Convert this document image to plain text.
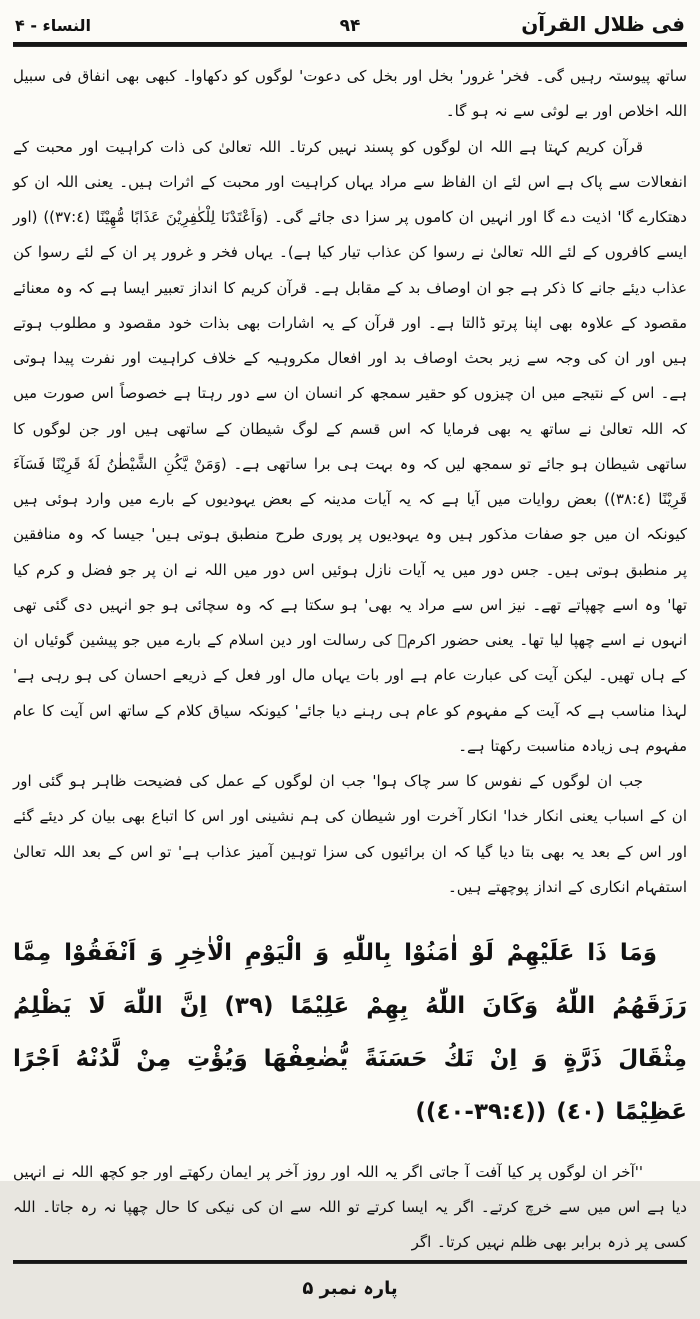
فی ظلال القرآن
۹۴
النساء - ۴

ساتھ پیوستہ رہیں گی۔ فخر' غرور' بخل اور بخل کی دعوت' لوگوں کو دکھاوا۔ کبھی بھی انفاق فی سبیل اللہ اخلاص اور بے لوثی سے نہ ہو گا۔

قرآن کریم کہتا ہے اللہ ان لوگوں کو پسند نہیں کرتا۔ اللہ تعالیٰ کی ذات کراہیت اور محبت کے انفعالات سے پاک ہے اس لئے ان الفاظ سے مراد یہاں کراہیت اور محبت کے اثرات ہیں۔ یعنی اللہ ان کو دھتکارے گا' اذیت دے گا اور انہیں ان کاموں پر سزا دی جائے گی۔ (وَاَعْتَدْنَا لِلْكٰفِرِيْنَ عَذَابًا مُّهِيْنًا (٣٧:٤)) (اور ایسے کافروں کے لئے اللہ تعالیٰ نے رسوا کن عذاب تیار کیا ہے)۔ یہاں فخر و غرور پر ان کے لئے رسوا کن عذاب دیئے جانے کا ذکر ہے جو ان اوصاف بد کے مقابل ہے۔ قرآن کریم کا انداز تعبیر ایسا ہے کہ وہ معنائے مقصود کے علاوہ بھی اپنا پرتو ڈالتا ہے۔ اور قرآن کے یہ اشارات بھی بذات خود مقصود و مطلوب ہوتے ہیں اور ان کی وجہ سے زیر بحث اوصاف بد اور افعال مکروہیہ کے خلاف کراہیت اور نفرت پیدا ہوتی ہے۔ اس کے نتیجے میں ان چیزوں کو حقیر سمجھ کر انسان ان سے دور رہتا ہے خصوصاً اس صورت میں کہ اللہ تعالیٰ نے ساتھ یہ بھی فرمایا کہ اس قسم کے لوگ شیطان کے ساتھی ہیں اور جن لوگوں کا ساتھی شیطان ہو جائے تو سمجھ لیں کہ وہ بہت ہی برا ساتھی ہے۔ (وَمَنْ يَّكُنِ الشَّيْطٰنُ لَهٗ قَرِيْنًا فَسَآءَ قَرِيْنًا (٣٨:٤)) بعض روایات میں آیا ہے کہ یہ آیات مدینہ کے بعض یہودیوں کے بارے میں وارد ہوئی ہیں کیونکہ ان میں جو صفات مذکور ہیں وہ یہودیوں پر پوری طرح منطبق ہوتی ہیں' جیسا کہ وہ منافقین پر منطبق ہوتی ہیں۔ جس دور میں یہ آیات نازل ہوئیں اس دور میں اللہ نے ان پر جو فضل و کرم کیا تھا' وہ اسے چھپاتے تھے۔ نیز اس سے مراد یہ بھی' ہو سکتا ہے کہ وہ سچائی ہو جو انہیں دی گئی تھی انہوں نے اسے چھپا لیا تھا۔ یعنی حضور اکرمؐ کی رسالت اور دین اسلام کے بارے میں جو پیشین گوئیاں ان کے ہاں تھیں۔ لیکن آیت کی عبارت عام ہے اور بات یہاں مال اور فعل کے ذریعے احسان کی ہو رہی ہے' لہذا مناسب ہے کہ آیت کے مفہوم کو عام ہی رہنے دیا جائے' کیونکہ سیاق کلام کے ساتھ اس آیت کا عام مفہوم ہی زیادہ مناسبت رکھتا ہے۔

جب ان لوگوں کے نفوس کا سر چاک ہوا' جب ان لوگوں کے عمل کی فضیحت ظاہر ہو گئی اور ان کے اسباب یعنی انکار خدا' انکار آخرت اور شیطان کی ہم نشینی اور اس کا اتباع بھی بیان کر دیئے گئے اور اس کے بعد یہ بھی بتا دیا گیا کہ ان برائیوں کی سزا توہین آمیز عذاب ہے' تو اس کے بعد اللہ تعالیٰ استفہام انکاری کے انداز پوچھتے ہیں۔

وَمَا ذَا عَلَيْهِمْ لَوْ اٰمَنُوْا بِاللّٰهِ وَ الْيَوْمِ الْاٰخِرِ وَ اَنْفَقُوْا مِمَّا رَزَقَهُمُ اللّٰهُ وَكَانَ اللّٰهُ بِهِمْ عَلِيْمًا (٣٩) اِنَّ اللّٰهَ لَا يَظْلِمُ مِثْقَالَ ذَرَّةٍ وَ اِنْ تَكُ حَسَنَةً يُّضٰعِفْهَا وَيُؤْتِ مِنْ لَّدُنْهُ اَجْرًا عَظِيْمًا (٤٠) ((٣٩:٤-٤٠))

''آخر ان لوگوں پر کیا آفت آ جاتی اگر یہ اللہ اور روز آخر پر ایمان رکھتے اور جو کچھ اللہ نے انہیں دیا ہے اس میں سے خرچ کرتے۔ اگر یہ ایسا کرتے تو اللہ سے ان کی نیکی کا حال چھپا نہ رہ جاتا۔ اللہ کسی پر ذرہ برابر بھی ظلم نہیں کرتا۔ اگر

پارہ نمبر ۵
